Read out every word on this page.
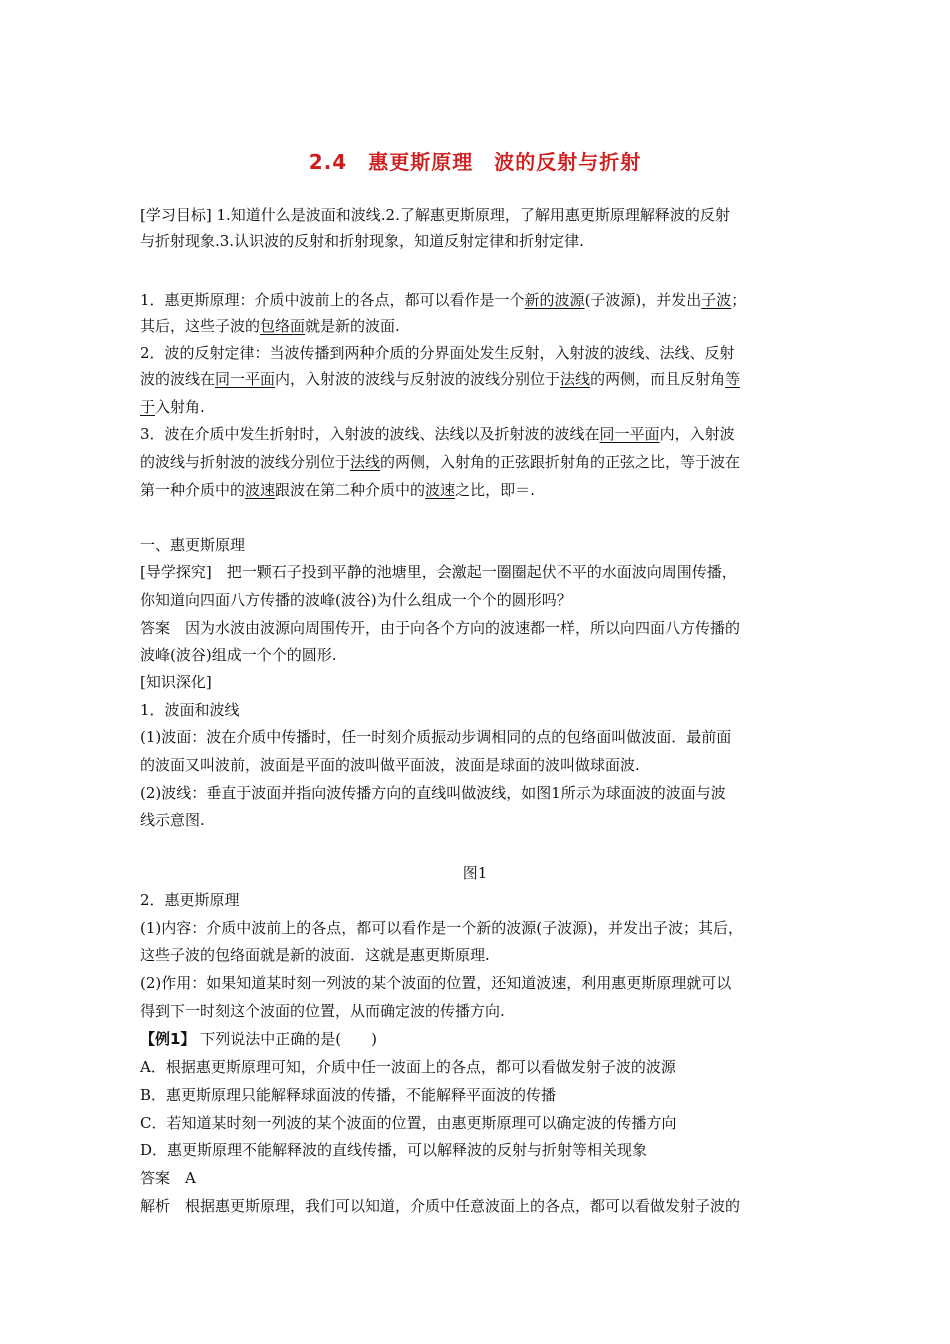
2.4　惠更斯原理　波的反射与折射
[学习目标] 1.知道什么是波面和波线.2.了解惠更斯原理，了解用惠更斯原理解释波的反射
与折射现象.3.认识波的反射和折射现象，知道反射定律和折射定律.
1．惠更斯原理：介质中波前上的各点，都可以看作是一个新的波源(子波源)，并发出子波；
其后，这些子波的包络面就是新的波面.
2．波的反射定律：当波传播到两种介质的分界面处发生反射，入射波的波线、法线、反射
波的波线在同一平面内，入射波的波线与反射波的波线分别位于法线的两侧，而且反射角等
于入射角.
3．波在介质中发生折射时，入射波的波线、法线以及折射波的波线在同一平面内，入射波
的波线与折射波的波线分别位于法线的两侧，入射角的正弦跟折射角的正弦之比，等于波在
第一种介质中的波速跟波在第二种介质中的波速之比，即＝.
一、惠更斯原理
[导学探究]　把一颗石子投到平静的池塘里，会激起一圈圈起伏不平的水面波向周围传播，
你知道向四面八方传播的波峰(波谷)为什么组成一个个的圆形吗？
答案　因为水波由波源向周围传开，由于向各个方向的波速都一样，所以向四面八方传播的
波峰(波谷)组成一个个的圆形.
[知识深化]
1．波面和波线
(1)波面：波在介质中传播时，任一时刻介质振动步调相同的点的包络面叫做波面．最前面
的波面又叫波前，波面是平面的波叫做平面波，波面是球面的波叫做球面波.
(2)波线：垂直于波面并指向波传播方向的直线叫做波线，如图1所示为球面波的波面与波
线示意图.
图1
2．惠更斯原理
(1)内容：介质中波前上的各点，都可以看作是一个新的波源(子波源)，并发出子波；其后，
这些子波的包络面就是新的波面．这就是惠更斯原理.
(2)作用：如果知道某时刻一列波的某个波面的位置，还知道波速，利用惠更斯原理就可以
得到下一时刻这个波面的位置，从而确定波的传播方向.
【例1】 下列说法中正确的是(　　)
A．根据惠更斯原理可知，介质中任一波面上的各点，都可以看做发射子波的波源
B．惠更斯原理只能解释球面波的传播，不能解释平面波的传播
C．若知道某时刻一列波的某个波面的位置，由惠更斯原理可以确定波的传播方向
D．惠更斯原理不能解释波的直线传播，可以解释波的反射与折射等相关现象
答案　A
解析　根据惠更斯原理，我们可以知道，介质中任意波面上的各点，都可以看做发射子波的
